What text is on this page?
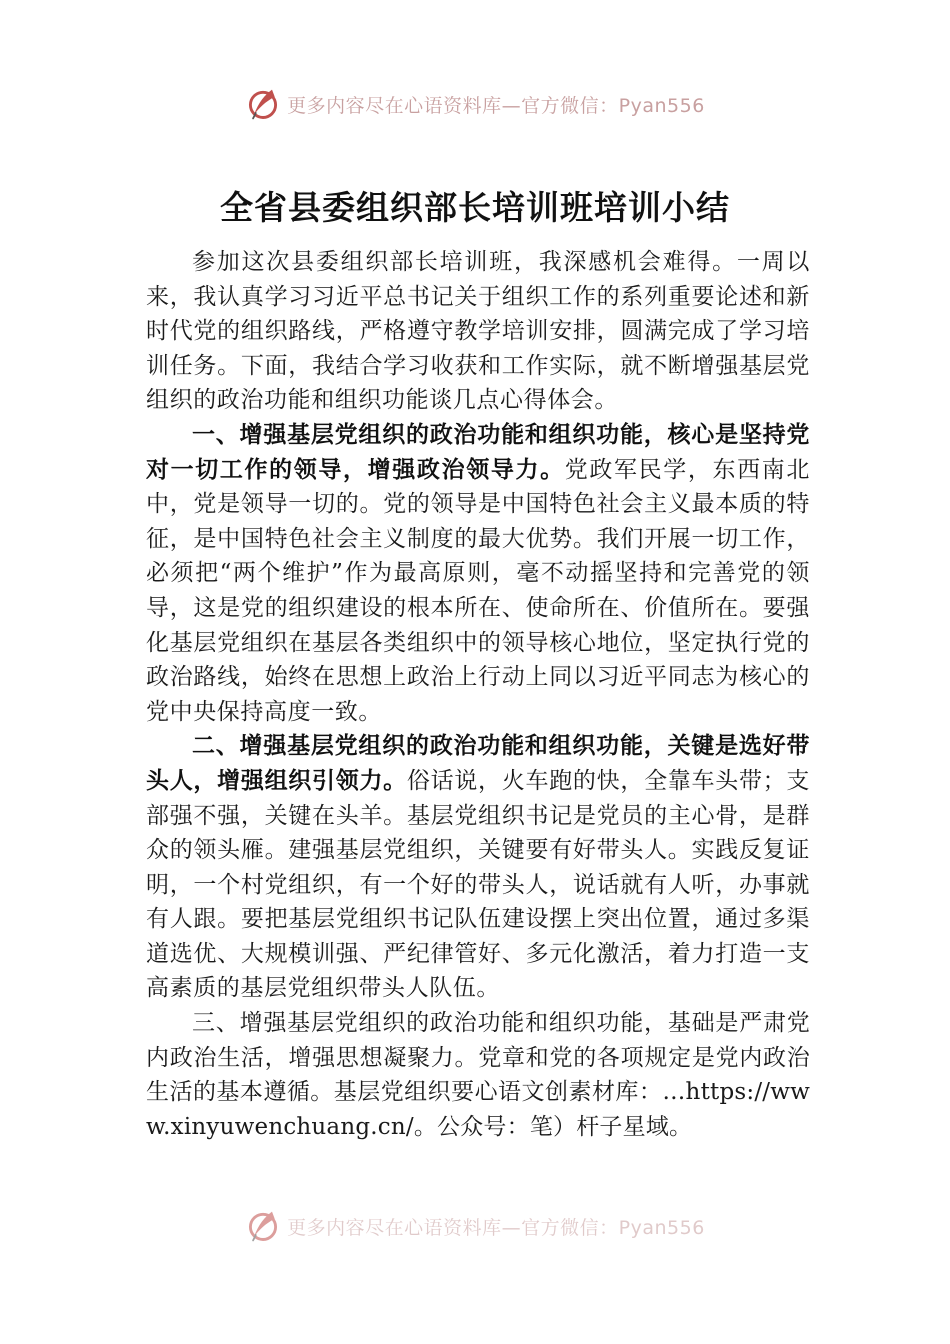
更多内容尽在心语资料库—官方微信：Pyan556
全省县委组织部长培训班培训小结

参加这次县委组织部长培训班，我深感机会难得。一周以来，我认真学习习近平总书记关于组织工作的系列重要论述和新时代党的组织路线，严格遵守教学培训安排，圆满完成了学习培训任务。下面，我结合学习收获和工作实际，就不断增强基层党组织的政治功能和组织功能谈几点心得体会。

一、增强基层党组织的政治功能和组织功能，核心是坚持党对一切工作的领导，增强政治领导力。党政军民学，东西南北中，党是领导一切的。党的领导是中国特色社会主义最本质的特征，是中国特色社会主义制度的最大优势。我们开展一切工作，必须把“两个维护”作为最高原则，毫不动摇坚持和完善党的领导，这是党的组织建设的根本所在、使命所在、价值所在。要强化基层党组织在基层各类组织中的领导核心地位，坚定执行党的政治路线，始终在思想上政治上行动上同以习近平同志为核心的党中央保持高度一致。

二、增强基层党组织的政治功能和组织功能，关键是选好带头人，增强组织引领力。俗话说，火车跑的快，全靠车头带；支部强不强，关键在头羊。基层党组织书记是党员的主心骨，是群众的领头雁。建强基层党组织，关键要有好带头人。实践反复证明，一个村党组织，有一个好的带头人，说话就有人听，办事就有人跟。要把基层党组织书记队伍建设摆上突出位置，通过多渠道选优、大规模训强、严纪律管好、多元化激活，着力打造一支高素质的基层党组织带头人队伍。

三、增强基层党组织的政治功能和组织功能，基础是严肃党内政治生活，增强思想凝聚力。党章和党的各项规定是党内政治生活的基本遵循。基层党组织要心语文创素材库：…https://www.xinyuwenchuang.cn/。公众号：笔）杆子星域。

更多内容尽在心语资料库—官方微信：Pyan556
